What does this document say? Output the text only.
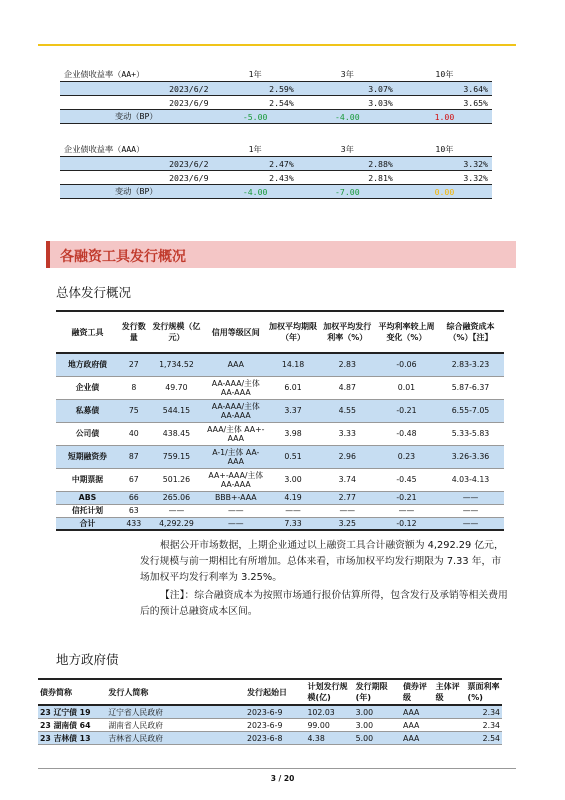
企业债收益率（AA+）	1年	3年	10年
2023/6/2	2.59%	3.07%	3.64%
2023/6/9	2.54%	3.03%	3.65%
变动（BP）	-5.00	-4.00	1.00
企业债收益率（AAA）	1年	3年	10年
2023/6/2	2.47%	2.88%	3.32%
2023/6/9	2.43%	2.81%	3.32%
变动（BP）	-4.00	-7.00	0.00
各融资工具发行概况
总体发行概况
融资工具	发行数量	发行规模（亿元）	信用等级区间	加权平均期限（年）	加权平均发行利率（%）	平均利率较上周变化（%）	综合融资成本（%）【注】
地方政府债	27	1,734.52	AAA	14.18	2.83	-0.06	2.83-3.23
企业债	8	49.70	AA-AAA/主体 AA-AAA	6.01	4.87	0.01	5.87-6.37
私募债	75	544.15	AA-AAA/主体 AA-AAA	3.37	4.55	-0.21	6.55-7.05
公司债	40	438.45	AAA/主体 AA+-AAA	3.98	3.33	-0.48	5.33-5.83
短期融资券	87	759.15	A-1/主体 AA-AAA	0.51	2.96	0.23	3.26-3.36
中期票据	67	501.26	AA+-AAA/主体 AA-AAA	3.00	3.74	-0.45	4.03-4.13
ABS	66	265.06	BBB+-AAA	4.19	2.77	-0.21	——
信托计划	63	——	——	——	——	——	——
合计	433	4,292.29	——	7.33	3.25	-0.12	——
根据公开市场数据，上期企业通过以上融资工具合计融资额为 4,292.29 亿元，发行规模与前一期相比有所增加。总体来看，市场加权平均发行期限为 7.33 年，市场加权平均发行利率为 3.25%。
【注】：综合融资成本为按照市场通行报价估算所得，包含发行及承销等相关费用后的预计总融资成本区间。
地方政府债
债券简称	发行人简称	发行起始日	计划发行规模(亿)	发行期限(年)	债券评级	主体评级	票面利率(%)
23 辽宁债 19	辽宁省人民政府	2023-6-9	102.03	3.00	AAA		2.34
23 湖南债 64	湖南省人民政府	2023-6-9	99.00	3.00	AAA		2.34
23 吉林债 13	吉林省人民政府	2023-6-8	4.38	5.00	AAA		2.54
3 / 20
